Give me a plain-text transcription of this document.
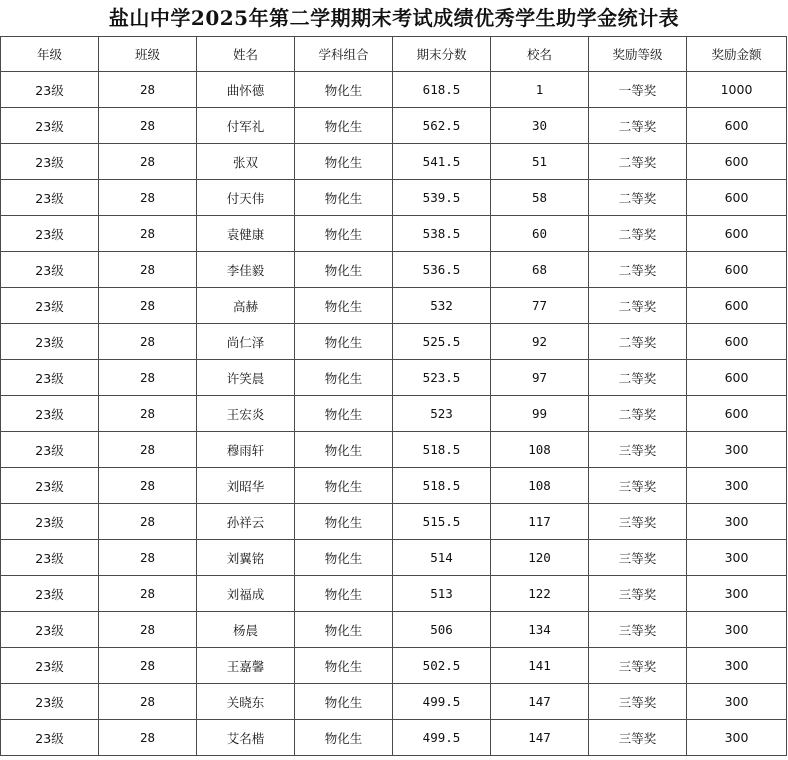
盐山中学2025年第二学期期末考试成绩优秀学生助学金统计表
年级	班级	姓名	学科组合	期末分数	校名	奖励等级	奖励金额
23级	28	曲怀德	物化生	618.5	1	一等奖	1000
23级	28	付军礼	物化生	562.5	30	二等奖	600
23级	28	张双	物化生	541.5	51	二等奖	600
23级	28	付天伟	物化生	539.5	58	二等奖	600
23级	28	袁健康	物化生	538.5	60	二等奖	600
23级	28	李佳毅	物化生	536.5	68	二等奖	600
23级	28	高赫	物化生	532	77	二等奖	600
23级	28	尚仁泽	物化生	525.5	92	二等奖	600
23级	28	许笑晨	物化生	523.5	97	二等奖	600
23级	28	王宏炎	物化生	523	99	二等奖	600
23级	28	穆雨轩	物化生	518.5	108	三等奖	300
23级	28	刘昭华	物化生	518.5	108	三等奖	300
23级	28	孙祥云	物化生	515.5	117	三等奖	300
23级	28	刘翼铭	物化生	514	120	三等奖	300
23级	28	刘福成	物化生	513	122	三等奖	300
23级	28	杨晨	物化生	506	134	三等奖	300
23级	28	王嘉馨	物化生	502.5	141	三等奖	300
23级	28	关晓东	物化生	499.5	147	三等奖	300
23级	28	艾名楷	物化生	499.5	147	三等奖	300
